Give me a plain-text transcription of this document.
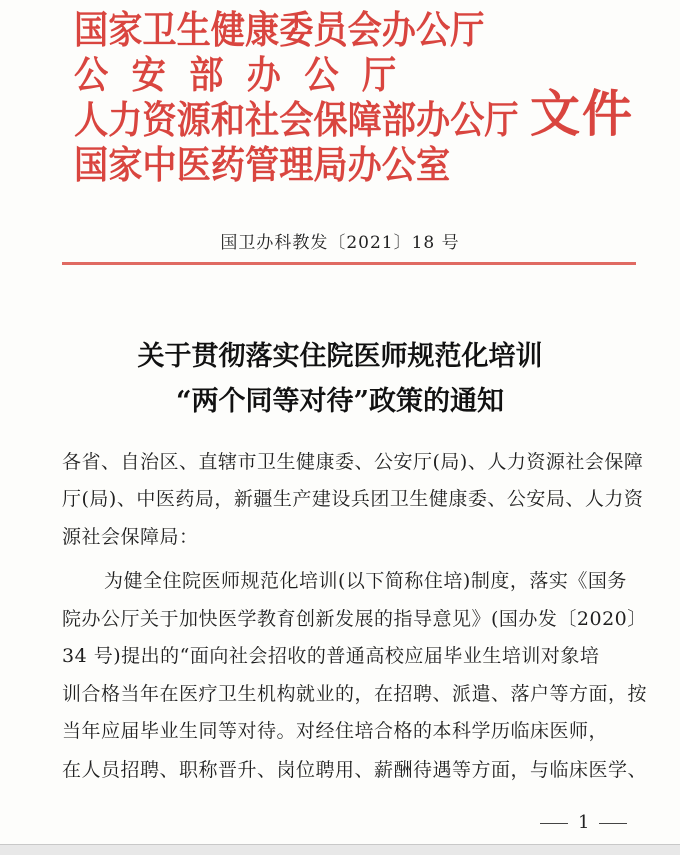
国家卫生健康委员会办公厅
公安部办公厅
人力资源和社会保障部办公厅
国家中医药管理局办公室
文件
国卫办科教发〔2021〕18 号
关于贯彻落实住院医师规范化培训
“两个同等对待”政策的通知
各省、自治区、直辖市卫生健康委、公安厅(局)、人力资源社会保障
厅(局)、中医药局，新疆生产建设兵团卫生健康委、公安局、人力资
源社会保障局：
为健全住院医师规范化培训(以下简称住培)制度，落实《国务
院办公厅关于加快医学教育创新发展的指导意见》(国办发〔2020〕
34 号)提出的“面向社会招收的普通高校应届毕业生培训对象培
训合格当年在医疗卫生机构就业的，在招聘、派遣、落户等方面，按
当年应届毕业生同等对待。对经住培合格的本科学历临床医师，
在人员招聘、职称晋升、岗位聘用、薪酬待遇等方面，与临床医学、
1
